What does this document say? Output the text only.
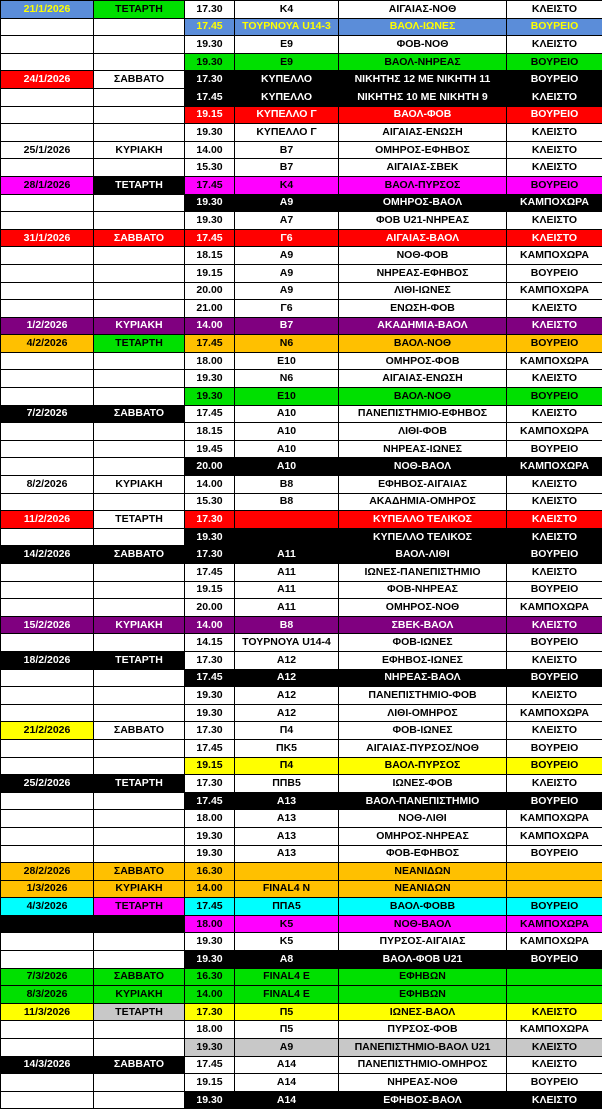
21/1/2026	ΤΕΤΑΡΤΗ	17.30	Κ4	ΑΙΓΑΙΑΣ-ΝΟΘ	ΚΛΕΙΣΤΟ
		17.45	ΤΟΥΡΝΟΥΑ U14-3	ΒΑΟΛ-ΙΩΝΕΣ	ΒΟΥΡΕΙΟ
		19.30	Ε9	ΦΟΒ-ΝΟΘ	ΚΛΕΙΣΤΟ
		19.30	Ε9	ΒΑΟΛ-ΝΗΡΕΑΣ	ΒΟΥΡΕΙΟ
24/1/2026	ΣΑΒΒΑΤΟ	17.30	ΚΥΠΕΛΛΟ	ΝΙΚΗΤΗΣ 12 ΜΕ ΝΙΚΗΤΗ 11	ΒΟΥΡΕΙΟ
		17.45	ΚΥΠΕΛΛΟ	ΝΙΚΗΤΗΣ 10 ΜΕ ΝΙΚΗΤΗ 9	ΚΛΕΙΣΤΟ
		19.15	ΚΥΠΕΛΛΟ Γ	ΒΑΟΛ-ΦΟΒ	ΒΟΥΡΕΙΟ
		19.30	ΚΥΠΕΛΛΟ Γ	ΑΙΓΑΙΑΣ-ΕΝΩΣΗ	ΚΛΕΙΣΤΟ
25/1/2026	ΚΥΡΙΑΚΗ	14.00	Β7	ΟΜΗΡΟΣ-ΕΦΗΒΟΣ	ΚΛΕΙΣΤΟ
		15.30	Β7	ΑΙΓΑΙΑΣ-ΣΒΕΚ	ΚΛΕΙΣΤΟ
28/1/2026	ΤΕΤΑΡΤΗ	17.45	Κ4	ΒΑΟΛ-ΠΥΡΣΟΣ	ΒΟΥΡΕΙΟ
		19.30	Α9	ΟΜΗΡΟΣ-ΒΑΟΛ	ΚΑΜΠΟΧΩΡΑ
		19.30	Α7	ΦΟΒ U21-ΝΗΡΕΑΣ	ΚΛΕΙΣΤΟ
31/1/2026	ΣΑΒΒΑΤΟ	17.45	Γ6	ΑΙΓΑΙΑΣ-ΒΑΟΛ	ΚΛΕΙΣΤΟ
		18.15	Α9	ΝΟΘ-ΦΟΒ	ΚΑΜΠΟΧΩΡΑ
		19.15	Α9	ΝΗΡΕΑΣ-ΕΦΗΒΟΣ	ΒΟΥΡΕΙΟ
		20.00	Α9	ΛΙΘΙ-ΙΩΝΕΣ	ΚΑΜΠΟΧΩΡΑ
		21.00	Γ6	ΕΝΩΣΗ-ΦΟΒ	ΚΛΕΙΣΤΟ
1/2/2026	ΚΥΡΙΑΚΗ	14.00	Β7	ΑΚΑΔΗΜΙΑ-ΒΑΟΛ	ΚΛΕΙΣΤΟ
4/2/2026	ΤΕΤΑΡΤΗ	17.45	Ν6	ΒΑΟΛ-ΝΟΘ	ΒΟΥΡΕΙΟ
		18.00	Ε10	ΟΜΗΡΟΣ-ΦΟΒ	ΚΑΜΠΟΧΩΡΑ
		19.30	Ν6	ΑΙΓΑΙΑΣ-ΕΝΩΣΗ	ΚΛΕΙΣΤΟ
		19.30	Ε10	ΒΑΟΛ-ΝΟΘ	ΒΟΥΡΕΙΟ
7/2/2026	ΣΑΒΒΑΤΟ	17.45	Α10	ΠΑΝΕΠΙΣΤΗΜΙΟ-ΕΦΗΒΟΣ	ΚΛΕΙΣΤΟ
		18.15	Α10	ΛΙΘΙ-ΦΟΒ	ΚΑΜΠΟΧΩΡΑ
		19.45	Α10	ΝΗΡΕΑΣ-ΙΩΝΕΣ	ΒΟΥΡΕΙΟ
		20.00	Α10	ΝΟΘ-ΒΑΟΛ	ΚΑΜΠΟΧΩΡΑ
8/2/2026	ΚΥΡΙΑΚΗ	14.00	Β8	ΕΦΗΒΟΣ-ΑΙΓΑΙΑΣ	ΚΛΕΙΣΤΟ
		15.30	Β8	ΑΚΑΔΗΜΙΑ-ΟΜΗΡΟΣ	ΚΛΕΙΣΤΟ
11/2/2026	ΤΕΤΑΡΤΗ	17.30		ΚΥΠΕΛΛΟ ΤΕΛΙΚΟΣ	ΚΛΕΙΣΤΟ
		19.30		ΚΥΠΕΛΛΟ ΤΕΛΙΚΟΣ	ΚΛΕΙΣΤΟ
14/2/2026	ΣΑΒΒΑΤΟ	17.30	Α11	ΒΑΟΛ-ΛΙΘΙ	ΒΟΥΡΕΙΟ
		17.45	Α11	ΙΩΝΕΣ-ΠΑΝΕΠΙΣΤΗΜΙΟ	ΚΛΕΙΣΤΟ
		19.15	Α11	ΦΟΒ-ΝΗΡΕΑΣ	ΒΟΥΡΕΙΟ
		20.00	Α11	ΟΜΗΡΟΣ-ΝΟΘ	ΚΑΜΠΟΧΩΡΑ
15/2/2026	ΚΥΡΙΑΚΗ	14.00	Β8	ΣΒΕΚ-ΒΑΟΛ	ΚΛΕΙΣΤΟ
		14.15	ΤΟΥΡΝΟΥΑ U14-4	ΦΟΒ-ΙΩΝΕΣ	ΒΟΥΡΕΙΟ
18/2/2026	ΤΕΤΑΡΤΗ	17.30	Α12	ΕΦΗΒΟΣ-ΙΩΝΕΣ	ΚΛΕΙΣΤΟ
		17.45	Α12	ΝΗΡΕΑΣ-ΒΑΟΛ	ΒΟΥΡΕΙΟ
		19.30	Α12	ΠΑΝΕΠΙΣΤΗΜΙΟ-ΦΟΒ	ΚΛΕΙΣΤΟ
		19.30	Α12	ΛΙΘΙ-ΟΜΗΡΟΣ	ΚΑΜΠΟΧΩΡΑ
21/2/2026	ΣΑΒΒΑΤΟ	17.30	Π4	ΦΟΒ-ΙΩΝΕΣ	ΚΛΕΙΣΤΟ
		17.45	ΠΚ5	ΑΙΓΑΙΑΣ-ΠΥΡΣΟΣ/ΝΟΘ	ΒΟΥΡΕΙΟ
		19.15	Π4	ΒΑΟΛ-ΠΥΡΣΟΣ	ΒΟΥΡΕΙΟ
25/2/2026	ΤΕΤΑΡΤΗ	17.30	ΠΠΒ5	ΙΩΝΕΣ-ΦΟΒ	ΚΛΕΙΣΤΟ
		17.45	Α13	ΒΑΟΛ-ΠΑΝΕΠΙΣΤΗΜΙΟ	ΒΟΥΡΕΙΟ
		18.00	Α13	ΝΟΘ-ΛΙΘΙ	ΚΑΜΠΟΧΩΡΑ
		19.30	Α13	ΟΜΗΡΟΣ-ΝΗΡΕΑΣ	ΚΑΜΠΟΧΩΡΑ
		19.30	Α13	ΦΟΒ-ΕΦΗΒΟΣ	ΒΟΥΡΕΙΟ
28/2/2026	ΣΑΒΒΑΤΟ	16.30		ΝΕΑΝΙΔΩΝ	
1/3/2026	ΚΥΡΙΑΚΗ	14.00	FINAL4 N	ΝΕΑΝΙΔΩΝ	
4/3/2026	ΤΕΤΑΡΤΗ	17.45	ΠΠΑ5	ΒΑΟΛ-ΦΟΒΒ	ΒΟΥΡΕΙΟ
		18.00	Κ5	ΝΟΘ-ΒΑΟΛ	ΚΑΜΠΟΧΩΡΑ
		19.30	Κ5	ΠΥΡΣΟΣ-ΑΙΓΑΙΑΣ	ΚΑΜΠΟΧΩΡΑ
		19.30	Α8	ΒΑΟΛ-ΦΟΒ U21	ΒΟΥΡΕΙΟ
7/3/2026	ΣΑΒΒΑΤΟ	16.30	FINAL4 Ε	ΕΦΗΒΩΝ	
8/3/2026	ΚΥΡΙΑΚΗ	14.00	FINAL4 Ε	ΕΦΗΒΩΝ	
11/3/2026	ΤΕΤΑΡΤΗ	17.30	Π5	ΙΩΝΕΣ-ΒΑΟΛ	ΚΛΕΙΣΤΟ
		18.00	Π5	ΠΥΡΣΟΣ-ΦΟΒ	ΚΑΜΠΟΧΩΡΑ
		19.30	Α9	ΠΑΝΕΠΙΣΤΗΜΙΟ-ΒΑΟΛ U21	ΚΛΕΙΣΤΟ
14/3/2026	ΣΑΒΒΑΤΟ	17.45	Α14	ΠΑΝΕΠΙΣΤΗΜΙΟ-ΟΜΗΡΟΣ	ΚΛΕΙΣΤΟ
		19.15	Α14	ΝΗΡΕΑΣ-ΝΟΘ	ΒΟΥΡΕΙΟ
		19.30	Α14	ΕΦΗΒΟΣ-ΒΑΟΛ	ΚΛΕΙΣΤΟ
